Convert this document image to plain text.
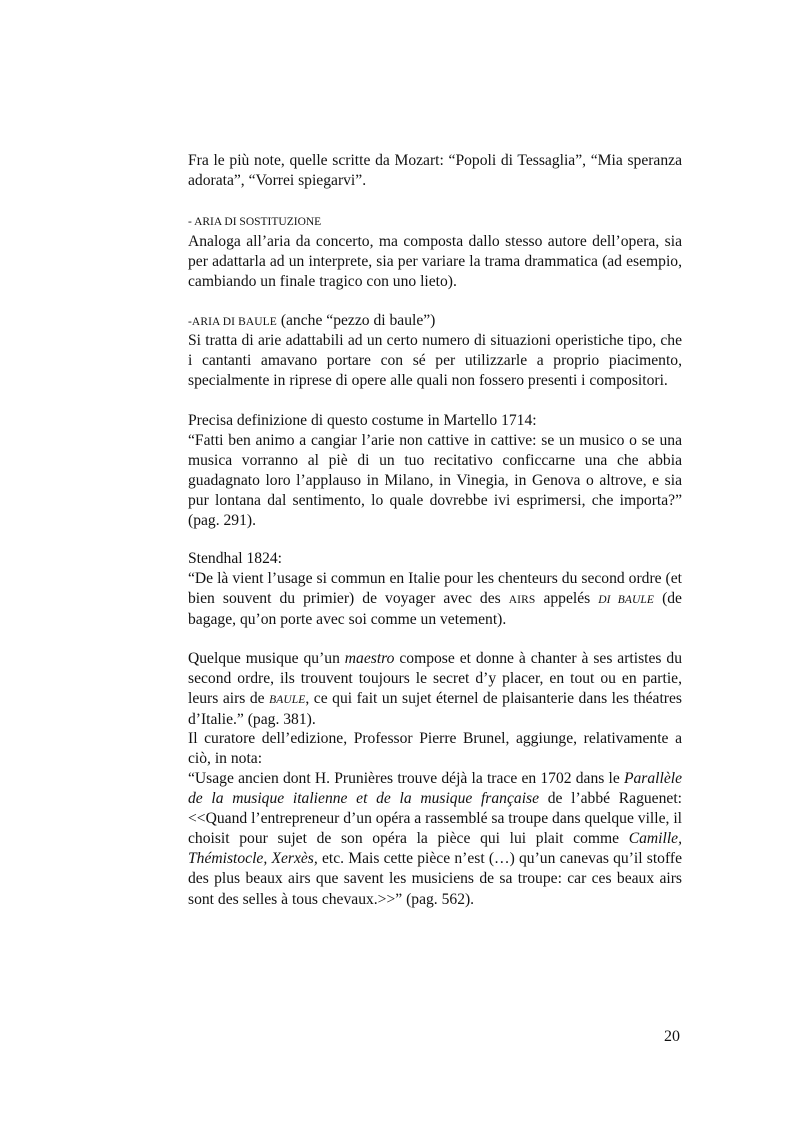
Fra le più note, quelle scritte da Mozart: “Popoli di Tessaglia”, “Mia speranza adorata”, “Vorrei spiegarvi”.

- ARIA DI SOSTITUZIONE

Analoga all’aria da concerto, ma composta dallo stesso autore dell’opera, sia per adattarla ad un interprete, sia per variare la trama drammatica (ad esempio, cambiando un finale tragico con uno lieto).

-ARIA DI BAULE (anche “pezzo di baule”)

Si tratta di arie adattabili ad un certo numero di situazioni operistiche tipo, che i cantanti amavano portare con sé per utilizzarle a proprio piacimento, specialmente in riprese di opere alle quali non fossero presenti i compositori.

Precisa definizione di questo costume in Martello 1714:

“Fatti ben animo a cangiar l’arie non cattive in cattive: se un musico o se una musica vorranno al piè di un tuo recitativo conficcarne una che abbia guadagnato loro l’applauso in Milano, in Vinegia, in Genova o altrove, e sia pur lontana dal sentimento, lo quale dovrebbe ivi esprimersi, che importa?” (pag. 291).

Stendhal 1824:

“De là vient l’usage si commun en Italie pour les chenteurs du second ordre (et bien souvent du primier) de voyager avec des AIRS appelés DI BAULE (de bagage, qu’on porte avec soi comme un vetement).

Quelque musique qu’un maestro compose et donne à chanter à ses artistes du second ordre, ils trouvent toujours le secret d’y placer, en tout ou en partie, leurs airs de BAULE, ce qui fait un sujet éternel de plaisanterie dans les théatres d’Italie.” (pag. 381).

Il curatore dell’edizione, Professor Pierre Brunel, aggiunge, relativamente a ciò, in nota:

“Usage ancien dont H. Prunières trouve déjà la trace en 1702 dans le Parallèle de la musique italienne et de la musique française de l’abbé Raguenet: <<Quand l’entrepreneur d’un opéra a rassemblé sa troupe dans quelque ville, il choisit pour sujet de son opéra la pièce qui lui plait comme Camille, Thémistocle, Xerxès, etc. Mais cette pièce n’est (…) qu’un canevas qu’il stoffe des plus beaux airs que savent les musiciens de sa troupe: car ces beaux airs sont des selles à tous chevaux.>>” (pag. 562).

20
